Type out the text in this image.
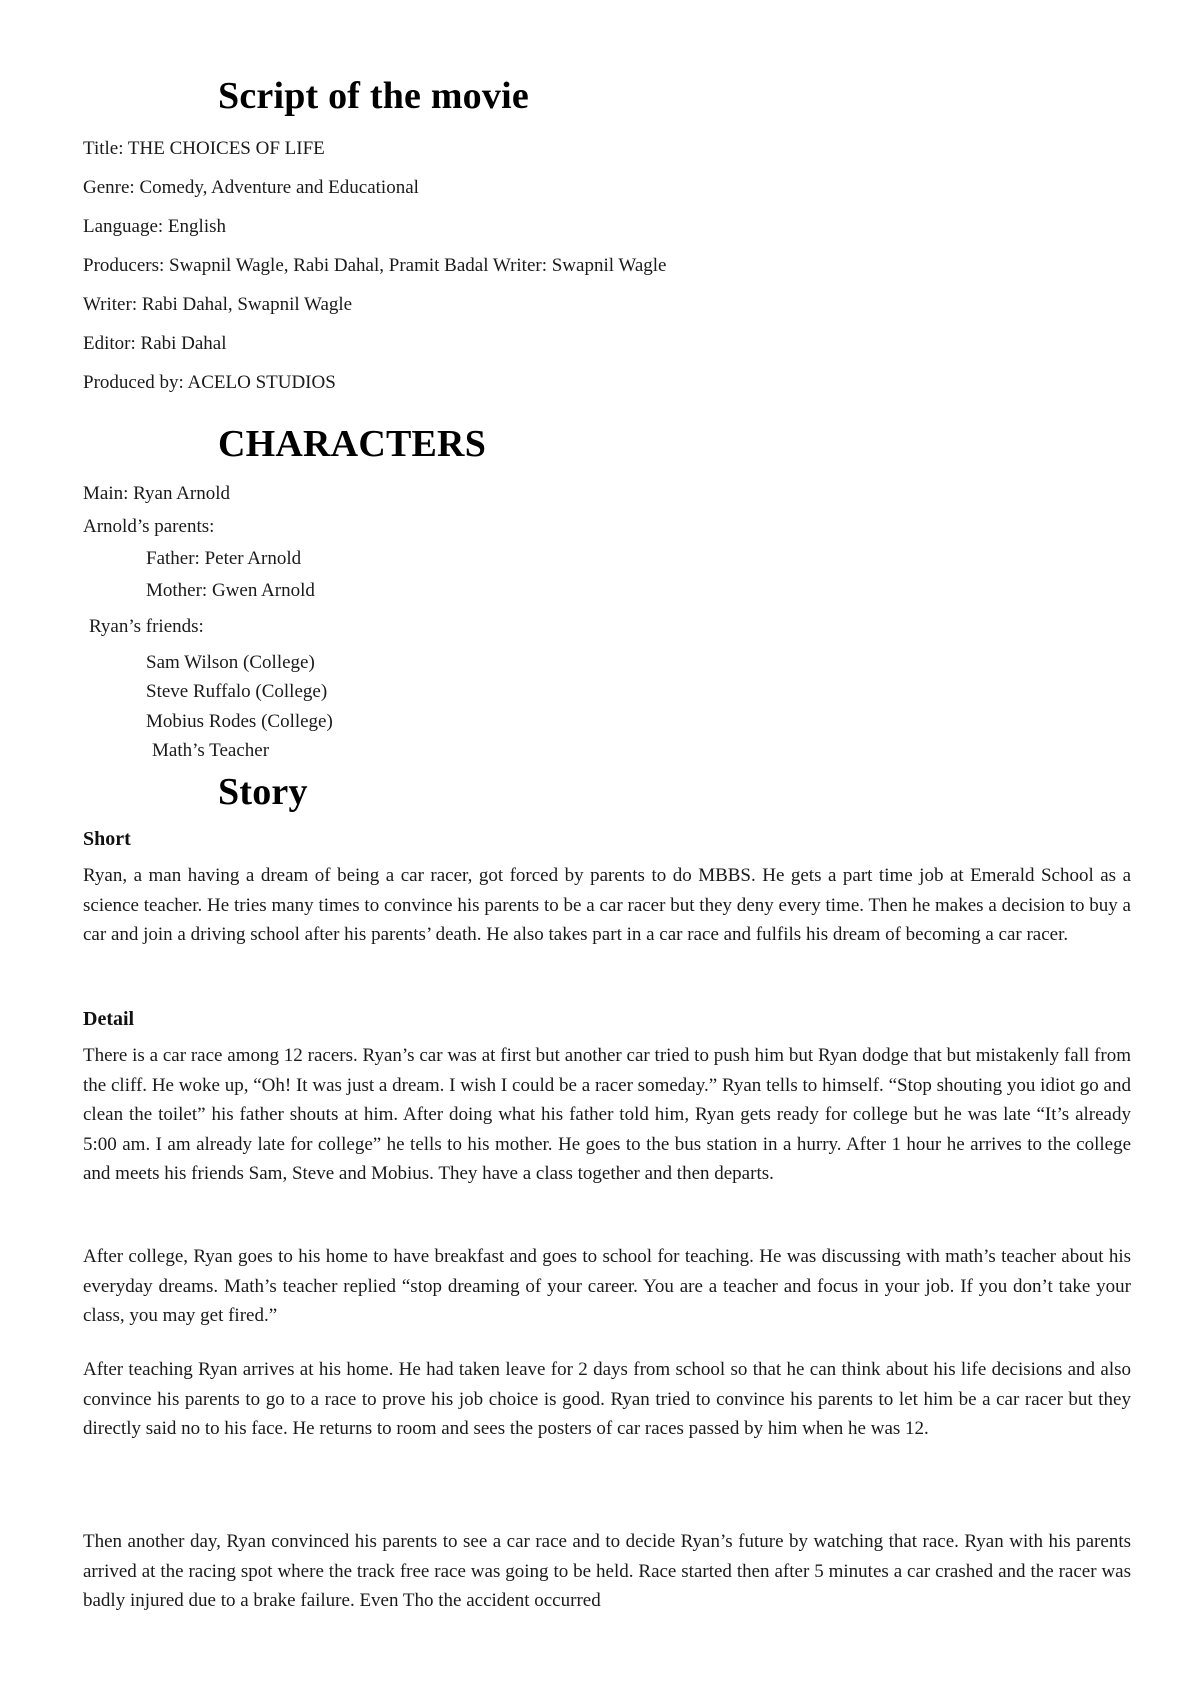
Script of the movie
Title: THE CHOICES OF LIFE
Genre: Comedy, Adventure and Educational
Language: English
Producers: Swapnil Wagle, Rabi Dahal, Pramit Badal Writer: Swapnil Wagle
Writer: Rabi Dahal, Swapnil Wagle
Editor: Rabi Dahal
Produced by: ACELO STUDIOS
CHARACTERS
Main: Ryan Arnold
Arnold’s parents:
Father: Peter Arnold
Mother: Gwen Arnold
Ryan’s friends:
Sam Wilson (College)
Steve Ruffalo (College)
Mobius Rodes (College)
Math’s Teacher
Story
Short
Ryan, a man having a dream of being a car racer, got forced by parents to do MBBS. He gets a part time job at Emerald School as a science teacher. He tries many times to convince his parents to be a car racer but they deny every time. Then he makes a decision to buy a car and join a driving school after his parents’ death. He also takes part in a car race and fulfils his dream of becoming a car racer.
Detail
There is a car race among 12 racers. Ryan’s car was at first but another car tried to push him but Ryan dodge that but mistakenly fall from the cliff. He woke up, “Oh! It was just a dream. I wish I could be a racer someday.” Ryan tells to himself. “Stop shouting you idiot go and clean the toilet” his father shouts at him. After doing what his father told him, Ryan gets ready for college but he was late “It’s already 5:00 am. I am already late for college” he tells to his mother. He goes to the bus station in a hurry. After 1 hour he arrives to the college and meets his friends Sam, Steve and Mobius. They have a class together and then departs.
After college, Ryan goes to his home to have breakfast and goes to school for teaching. He was discussing with math’s teacher about his everyday dreams. Math’s teacher replied “stop dreaming of your career. You are a teacher and focus in your job. If you don’t take your class, you may get fired.”
After teaching Ryan arrives at his home. He had taken leave for 2 days from school so that he can think about his life decisions and also convince his parents to go to a race to prove his job choice is good. Ryan tried to convince his parents to let him be a car racer but they directly said no to his face. He returns to room and sees the posters of car races passed by him when he was 12.
Then another day, Ryan convinced his parents to see a car race and to decide Ryan’s future by watching that race. Ryan with his parents arrived at the racing spot where the track free race was going to be held. Race started then after 5 minutes a car crashed and the racer was badly injured due to a brake failure. Even Tho the accident occurred
